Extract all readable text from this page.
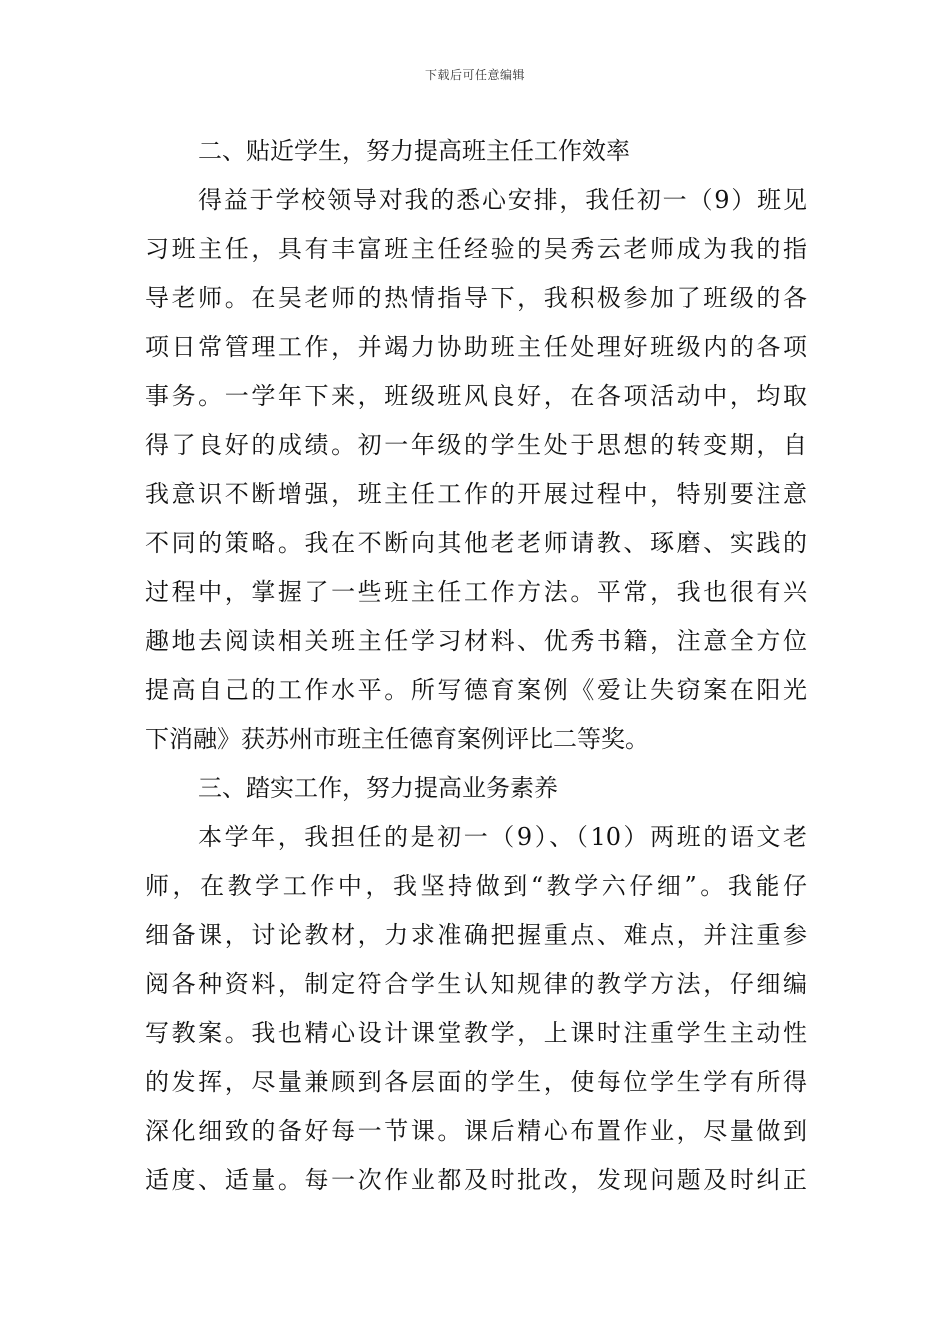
下载后可任意编辑
二、贴近学生，努力提高班主任工作效率
得益于学校领导对我的悉心安排，我任初一（9）班见
习班主任，具有丰富班主任经验的吴秀云老师成为我的指
导老师。在吴老师的热情指导下，我积极参加了班级的各
项日常管理工作，并竭力协助班主任处理好班级内的各项
事务。一学年下来，班级班风良好，在各项活动中，均取
得了良好的成绩。初一年级的学生处于思想的转变期，自
我意识不断增强，班主任工作的开展过程中，特别要注意
不同的策略。我在不断向其他老老师请教、琢磨、实践的
过程中，掌握了一些班主任工作方法。平常，我也很有兴
趣地去阅读相关班主任学习材料、优秀书籍，注意全方位
提高自己的工作水平。所写德育案例《爱让失窃案在阳光
下消融》获苏州市班主任德育案例评比二等奖。
三、踏实工作，努力提高业务素养
本学年，我担任的是初一（9）、（10）两班的语文老
师，在教学工作中，我坚持做到“教学六仔细”。我能仔
细备课，讨论教材，力求准确把握重点、难点，并注重参
阅各种资料，制定符合学生认知规律的教学方法，仔细编
写教案。我也精心设计课堂教学，上课时注重学生主动性
的发挥，尽量兼顾到各层面的学生，使每位学生学有所得
深化细致的备好每一节课。课后精心布置作业，尽量做到
适度、适量。每一次作业都及时批改，发现问题及时纠正
